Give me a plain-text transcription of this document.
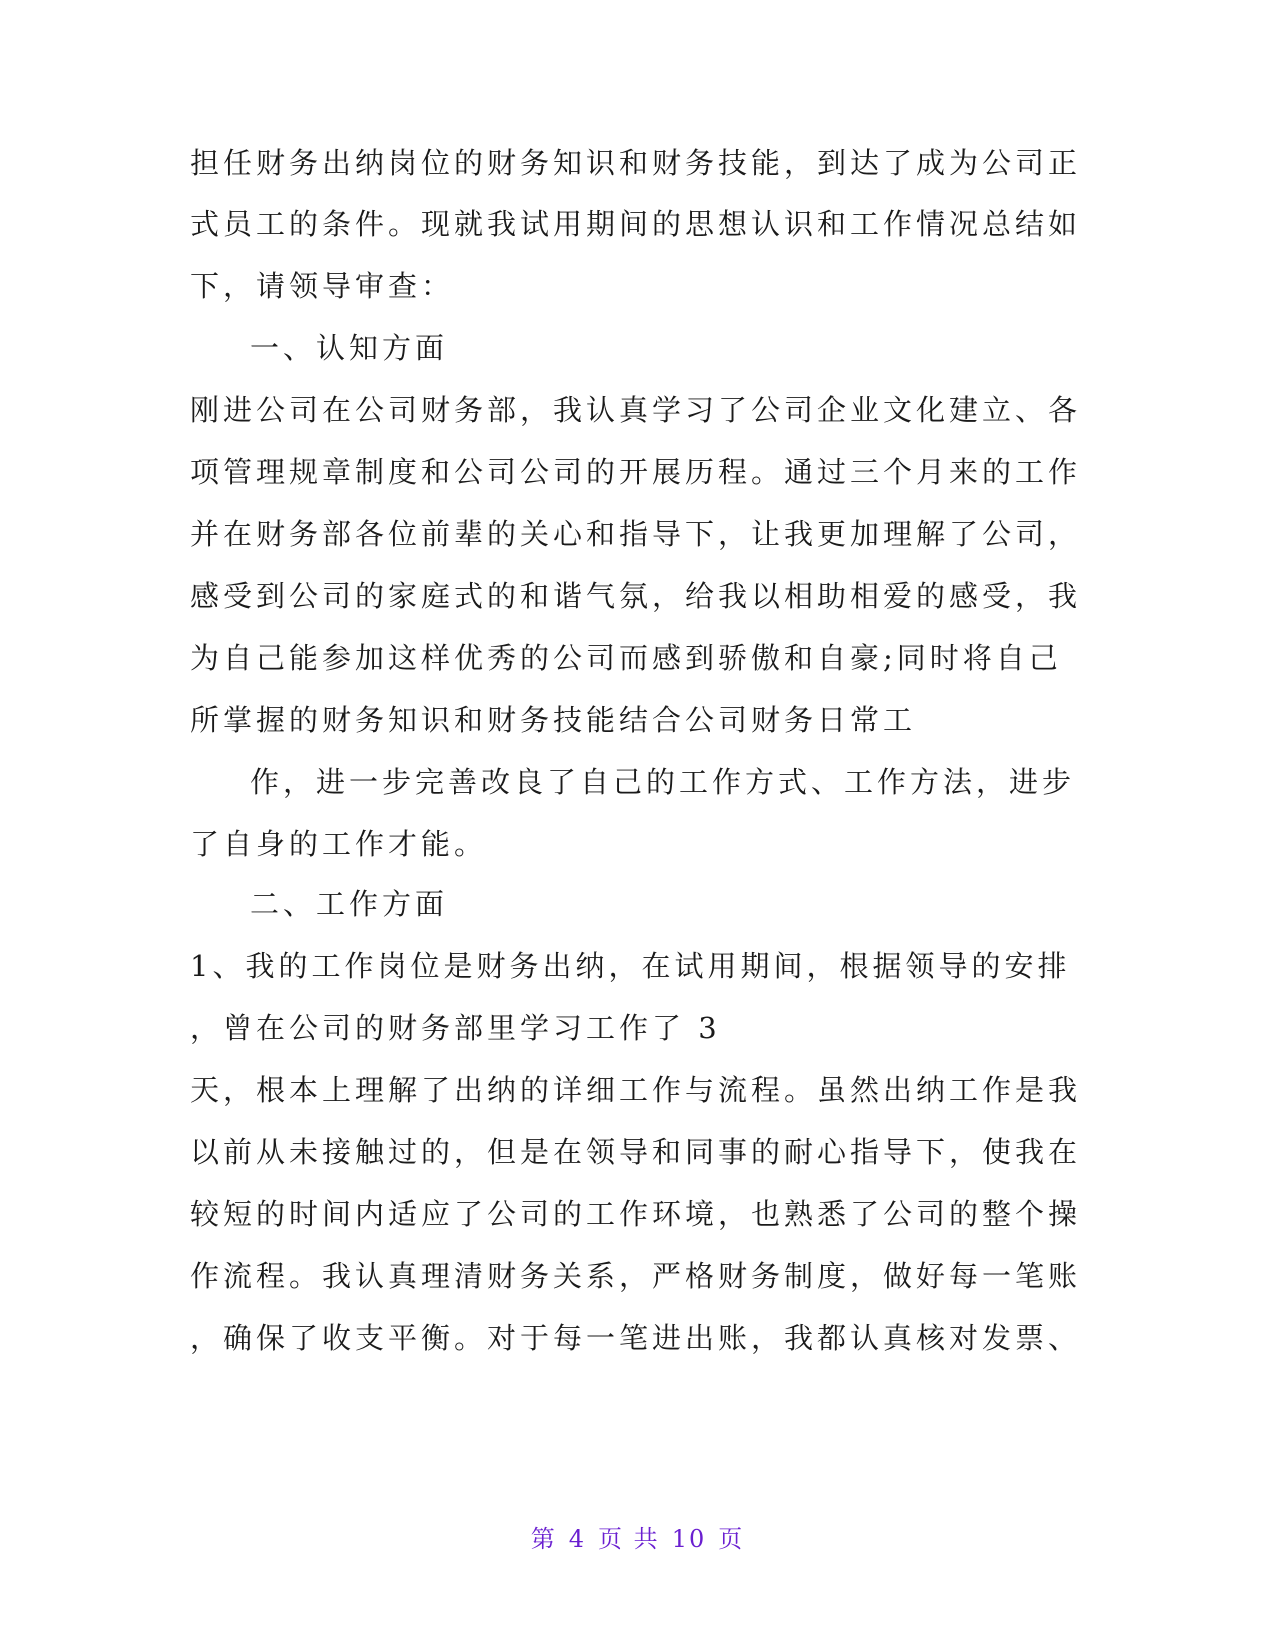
担任财务出纳岗位的财务知识和财务技能，到达了成为公司正
式员工的条件。现就我试用期间的思想认识和工作情况总结如
下，请领导审查：
一、认知方面
刚进公司在公司财务部，我认真学习了公司企业文化建立、各
项管理规章制度和公司公司的开展历程。通过三个月来的工作
并在财务部各位前辈的关心和指导下，让我更加理解了公司，
感受到公司的家庭式的和谐气氛，给我以相助相爱的感受，我
为自己能参加这样优秀的公司而感到骄傲和自豪;同时将自己
所掌握的财务知识和财务技能结合公司财务日常工
作，进一步完善改良了自己的工作方式、工作方法，进步
了自身的工作才能。
二、工作方面
1、我的工作岗位是财务出纳，在试用期间，根据领导的安排
，曾在公司的财务部里学习工作了 3
天，根本上理解了出纳的详细工作与流程。虽然出纳工作是我
以前从未接触过的，但是在领导和同事的耐心指导下，使我在
较短的时间内适应了公司的工作环境，也熟悉了公司的整个操
作流程。我认真理清财务关系，严格财务制度，做好每一笔账
，确保了收支平衡。对于每一笔进出账，我都认真核对发票、
第 4 页 共 10 页
